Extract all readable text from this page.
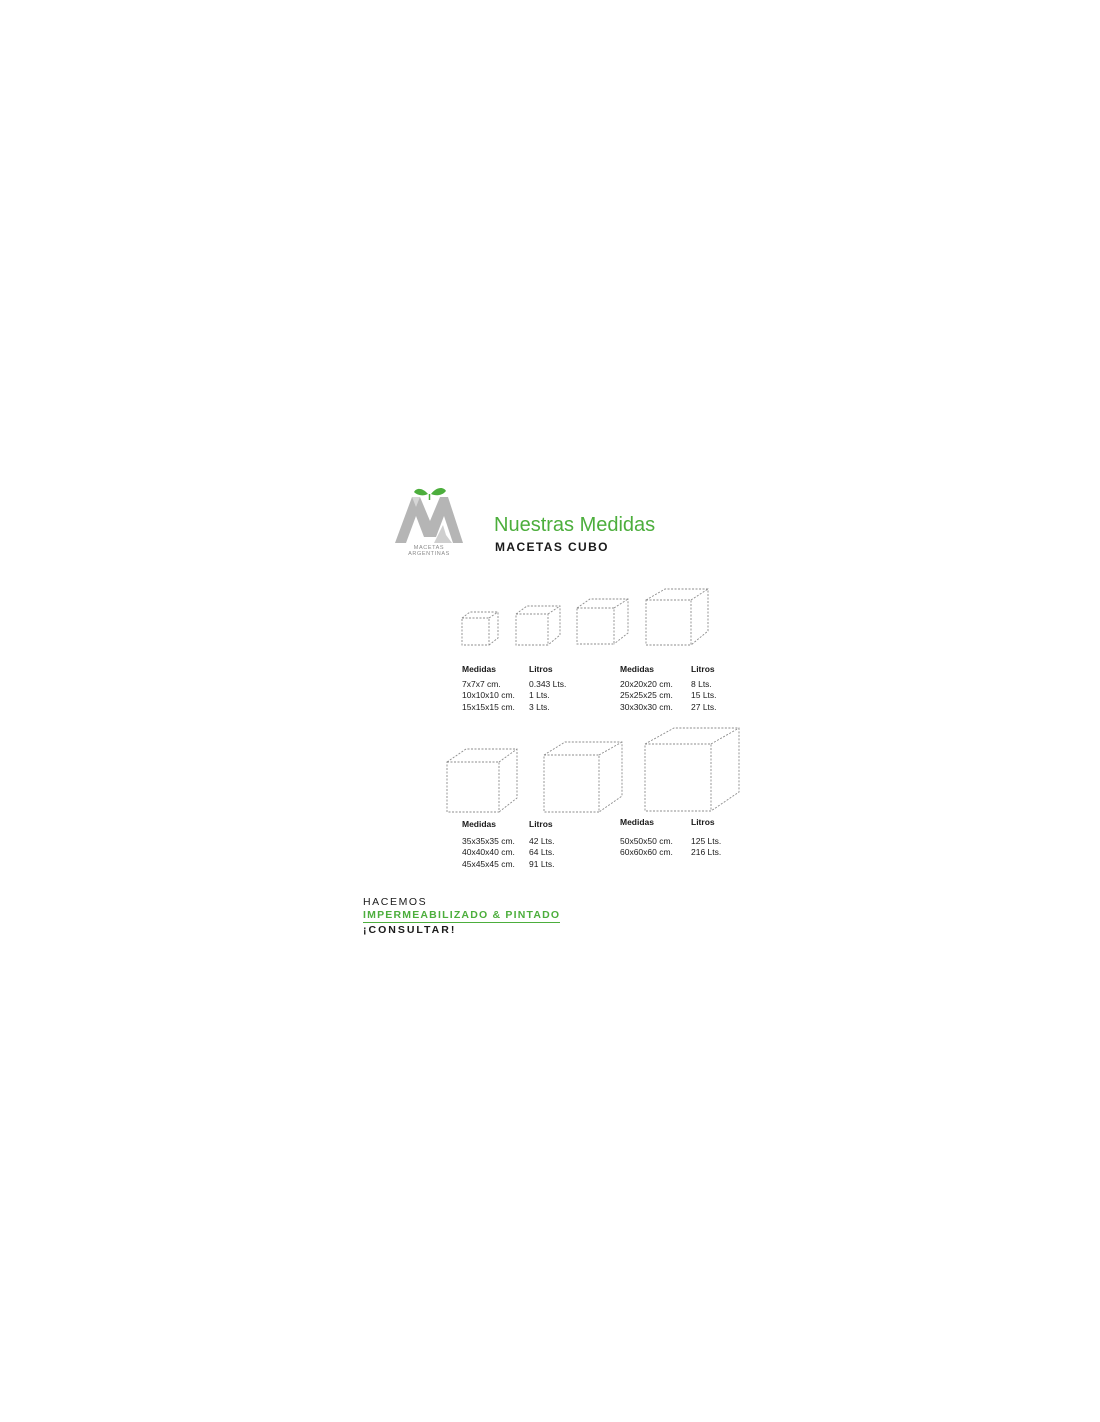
MACETAS ARGENTINAS
Nuestras Medidas
MACETAS CUBO
Medidas
7x7x7 cm.
10x10x10 cm.
15x15x15 cm.
Litros
0.343 Lts.
1 Lts.
3 Lts.
Medidas
20x20x20 cm.
25x25x25 cm.
30x30x30 cm.
Litros
8 Lts.
15 Lts.
27 Lts.
Medidas
35x35x35 cm.
40x40x40 cm.
45x45x45 cm.
Litros
42 Lts.
64 Lts.
91 Lts.
Medidas
50x50x50 cm.
60x60x60 cm.
Litros
125 Lts.
216 Lts.
HACEMOS
IMPERMEABILIZADO & PINTADO
¡CONSULTAR!
